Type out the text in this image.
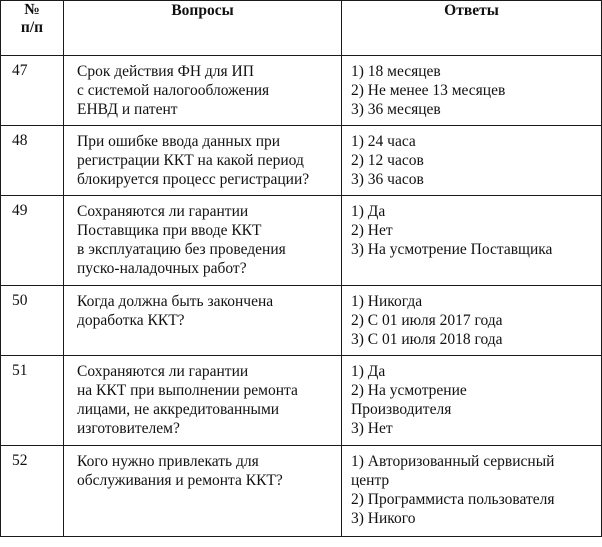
№
п/п	Вопросы	Ответы
47	Срок действия ФН для ИП
с системой налогообложения
ЕНВД и патент	1) 18 месяцев
2) Не менее 13 месяцев
3) 36 месяцев

48	При ошибке ввода данных при
регистрации ККТ на какой период
блокируется процесс регистрации?	1) 24 часа
2) 12 часов
3) 36 часов

49	Сохраняются ли гарантии
Поставщика при вводе ККТ
в эксплуатацию без проведения
пуско-наладочных работ?	1) Да
2) Нет
3) На усмотрение Поставщика

50	Когда должна быть закончена
доработка ККТ?	1) Никогда
2) С 01 июля 2017 года
3) С 01 июля 2018 года

51	Сохраняются ли гарантии
на ККТ при выполнении ремонта
лицами, не аккредитованными
изготовителем?	1) Да
2) На усмотрение
Производителя
3) Нет

52	Кого нужно привлекать для
обслуживания и ремонта ККТ?	1) Авторизованный сервисный
центр
2) Программиста пользователя
3) Никого
